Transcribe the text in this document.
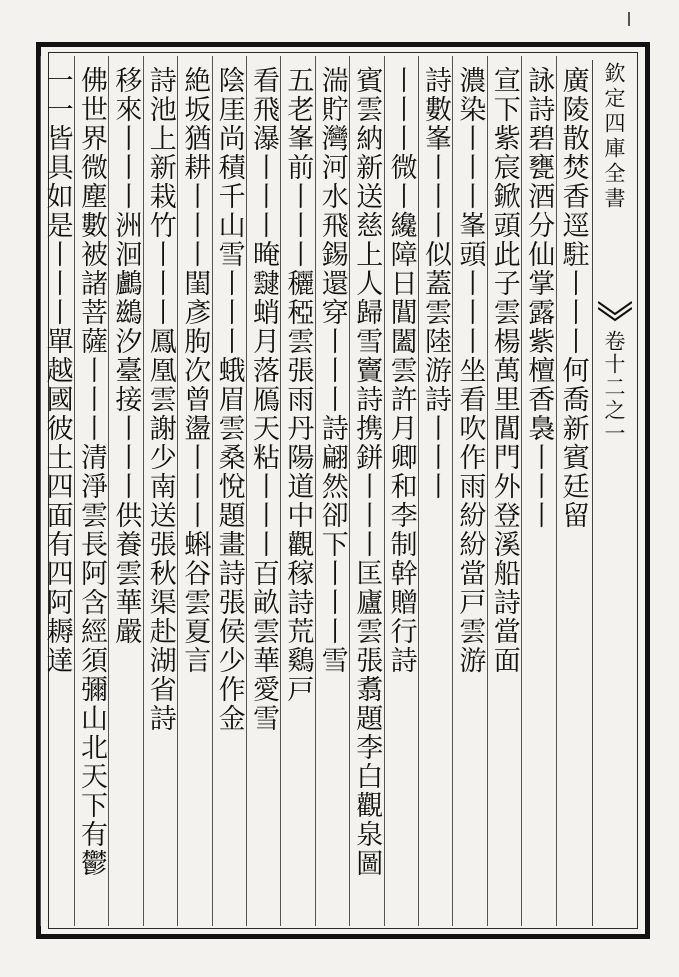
欽定四庫全書
卷十二之一
廣陵散焚香逕駐丨丨丨何喬新賓廷留
詠詩碧甕酒分仙掌露紫檀香裊丨丨丨
宣下紫宸鍁頭此子雲楊萬里閶門外登溪船詩當面
濃染丨丨丨峯頭丨丨丨坐看吹作雨紛紛當戸雲游
詩數峯丨丨丨似蓋雲陸游詩丨丨丨
丨丨丨微丨纔障日閶闔雲許月卿和李制幹贈行詩
賓雲納新送慈上人歸雪竇詩携鉼丨丨丨匡廬雲張翥題李白觀泉圖
湍貯灣河水飛錫還穿丨丨丨詩翩然卻下丨丨丨雪
五老峯前丨丨丨穲稏雲張雨丹陽道中觀稼詩荒鷄戸
看飛瀑丨丨丨晻靆蛸月落鴈天粘丨丨丨百畝雲華愛雪
陰厓尚積千山雪丨丨丨蛾眉雲桑悅題畫詩張侯少作金
絶坂猶耕丨丨丨閨彥朐次曾盪丨丨丨蝌谷雲夏言
詩池上新栽竹丨丨丨鳳凰雲謝少南送張秋渠赴湖省詩
移來丨丨丨洲洄鸕鷀汐臺接丨丨丨供養雲華嚴
佛世界微塵數被諸菩薩丨丨丨清淨雲長阿含經須彌山北天下有鬱
一一皆具如是丨丨丨單越國彼土四面有四阿耨達
